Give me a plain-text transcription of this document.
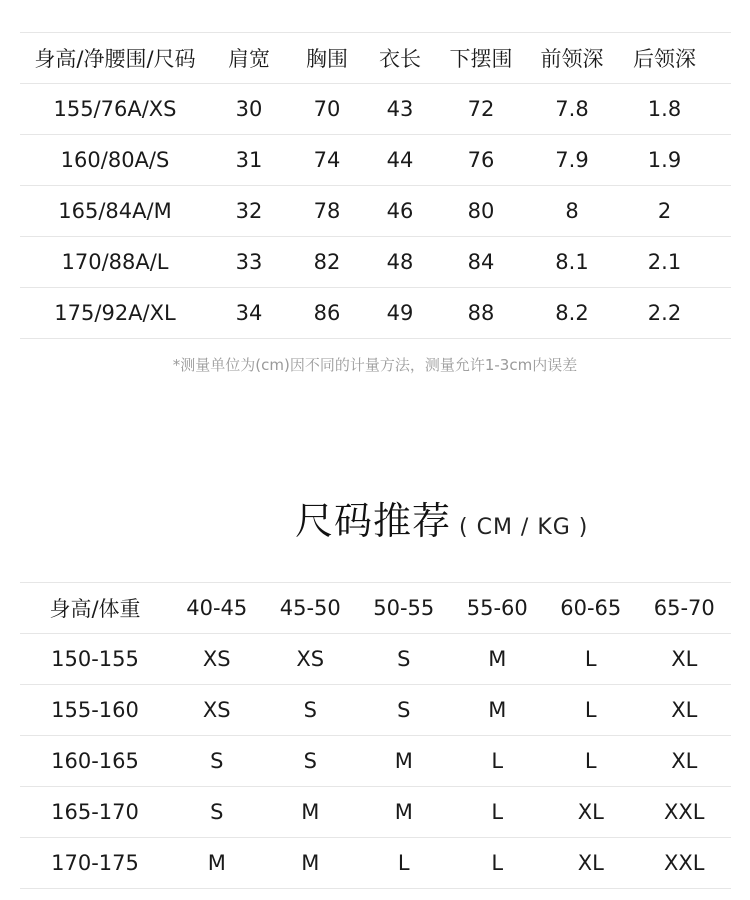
身高/净腰围/尺码	肩宽	胸围	衣长	下摆围	前领深	后领深
155/76A/XS	30	70	43	72	7.8	1.8
160/80A/S	31	74	44	76	7.9	1.9
165/84A/M	32	78	46	80	8	2
170/88A/L	33	82	48	84	8.1	2.1
175/92A/XL	34	86	49	88	8.2	2.2
*测量单位为(cm)因不同的计量方法，测量允许1-3cm内误差
尺码推荐 ( CM / KG )
身高/体重	40-45	45-50	50-55	55-60	60-65	65-70
150-155	XS	XS	S	M	L	XL
155-160	XS	S	S	M	L	XL
160-165	S	S	M	L	L	XL
165-170	S	M	M	L	XL	XXL
170-175	M	M	L	L	XL	XXL
